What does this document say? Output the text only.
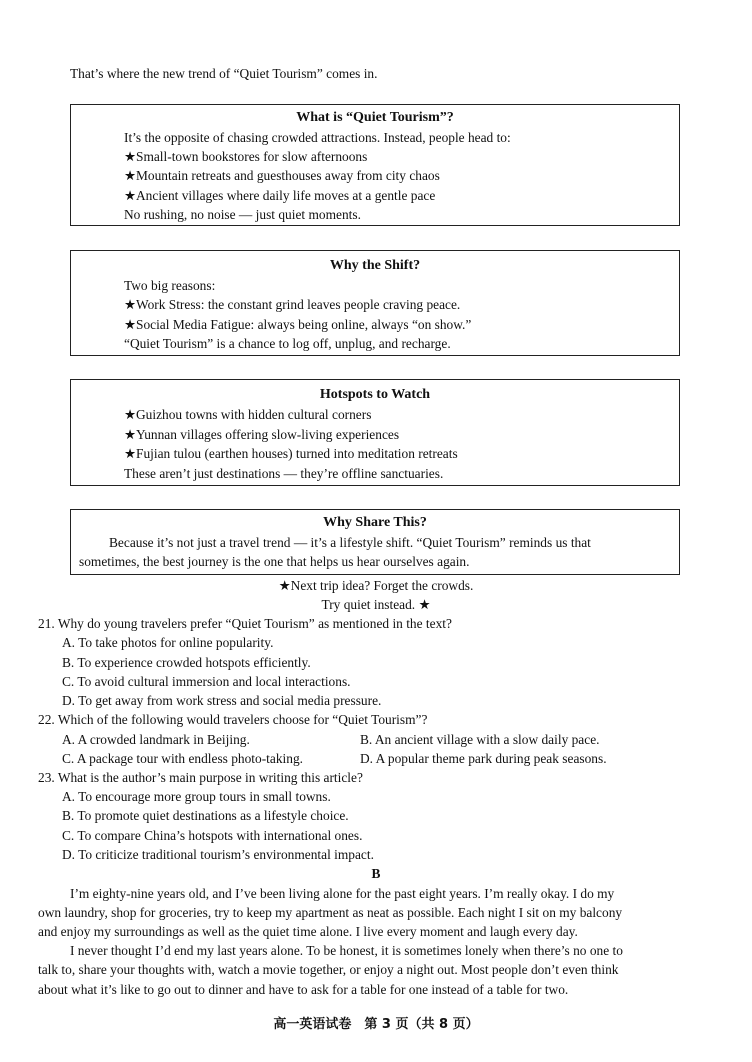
That’s where the new trend of “Quiet Tourism” comes in.
What is “Quiet Tourism”?
It’s the opposite of chasing crowded attractions. Instead, people head to:
★Small-town bookstores for slow afternoons
★Mountain retreats and guesthouses away from city chaos
★Ancient villages where daily life moves at a gentle pace
No rushing, no noise — just quiet moments.
Why the Shift?
Two big reasons:
★Work Stress: the constant grind leaves people craving peace.
★Social Media Fatigue: always being online, always “on show.”
“Quiet Tourism” is a chance to log off, unplug, and recharge.
Hotspots to Watch
★Guizhou towns with hidden cultural corners
★Yunnan villages offering slow-living experiences
★Fujian tulou (earthen houses) turned into meditation retreats
These aren’t just destinations — they’re offline sanctuaries.
Why Share This?
Because it’s not just a travel trend — it’s a lifestyle shift. “Quiet Tourism” reminds us that
sometimes, the best journey is the one that helps us hear ourselves again.
★Next trip idea? Forget the crowds.
Try quiet instead. ★
21. Why do young travelers prefer “Quiet Tourism” as mentioned in the text?
A. To take photos for online popularity.
B. To experience crowded hotspots efficiently.
C. To avoid cultural immersion and local interactions.
D. To get away from work stress and social media pressure.
22. Which of the following would travelers choose for “Quiet Tourism”?
A. A crowded landmark in Beijing.	B. An ancient village with a slow daily pace.
C. A package tour with endless photo-taking.	D. A popular theme park during peak seasons.
23. What is the author’s main purpose in writing this article?
A. To encourage more group tours in small towns.
B. To promote quiet destinations as a lifestyle choice.
C. To compare China’s hotspots with international ones.
D. To criticize traditional tourism’s environmental impact.
B
I’m eighty-nine years old, and I’ve been living alone for the past eight years. I’m really okay. I do my
own laundry, shop for groceries, try to keep my apartment as neat as possible. Each night I sit on my balcony
and enjoy my surroundings as well as the quiet time alone. I live every moment and laugh every day.
I never thought I’d end my last years alone. To be honest, it is sometimes lonely when there’s no one to
talk to, share your thoughts with, watch a movie together, or enjoy a night out. Most people don’t even think
about what it’s like to go out to dinner and have to ask for a table for one instead of a table for two.
高一英语试卷　第 3 页（共 8 页）
